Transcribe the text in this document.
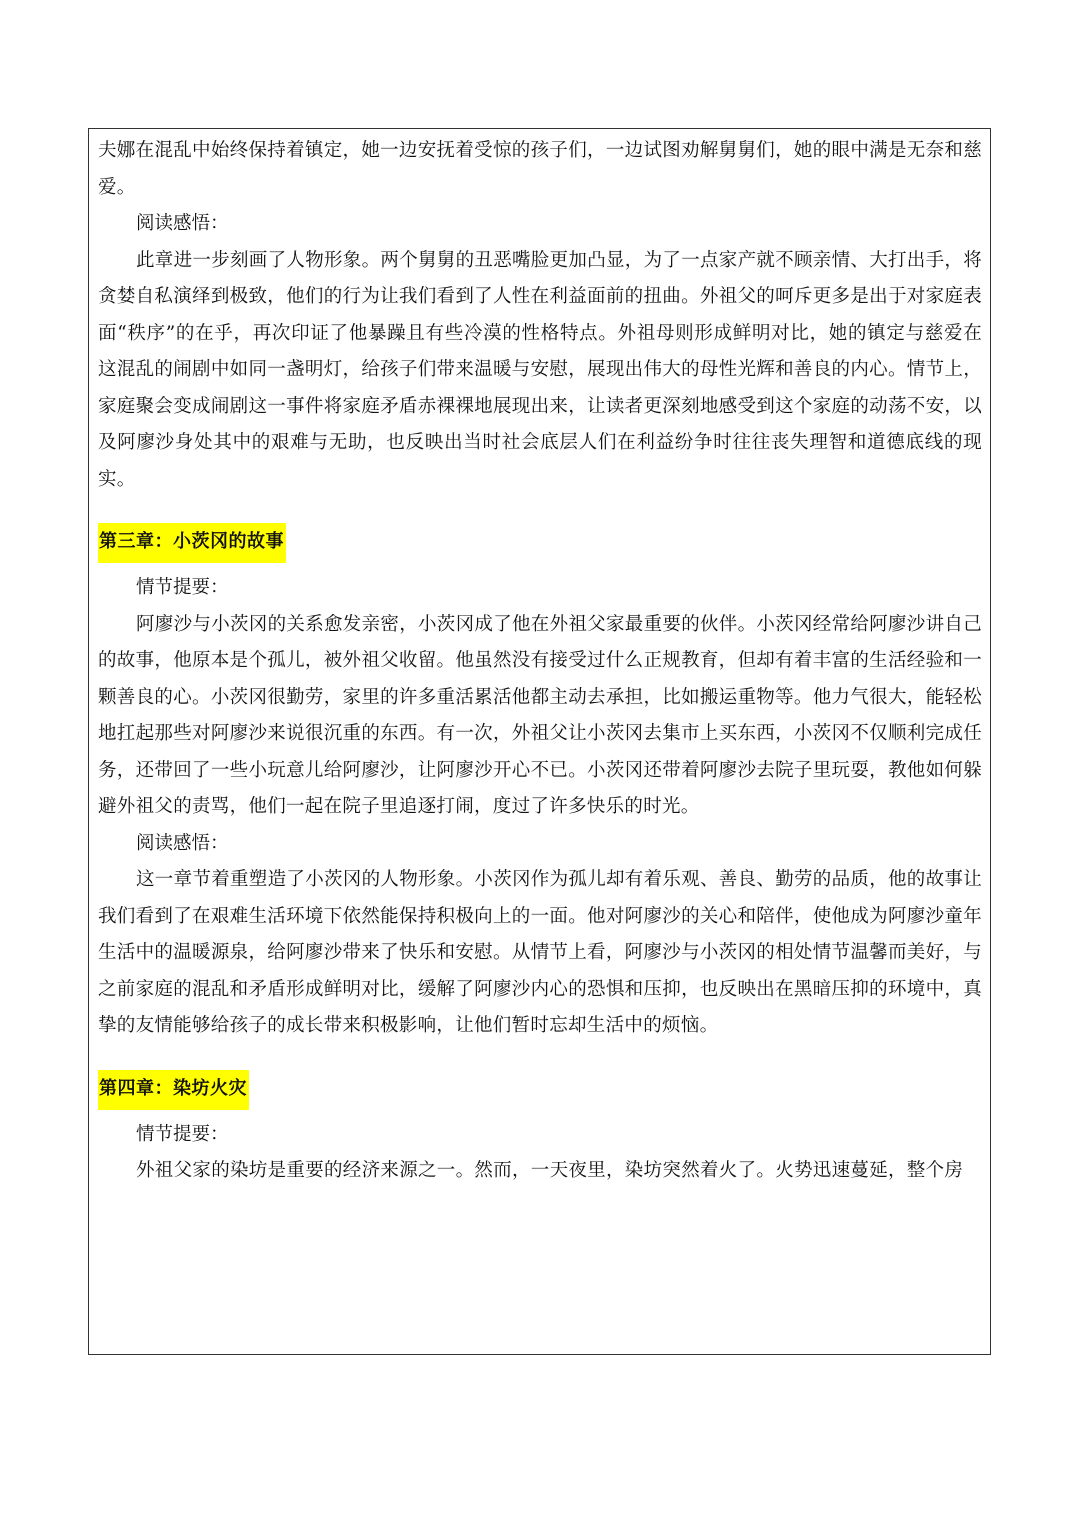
夫娜在混乱中始终保持着镇定，她一边安抚着受惊的孩子们，一边试图劝解舅舅们，她的眼中满是无奈和慈爱。

阅读感悟：

此章进一步刻画了人物形象。两个舅舅的丑恶嘴脸更加凸显，为了一点家产就不顾亲情、大打出手，将贪婪自私演绎到极致，他们的行为让我们看到了人性在利益面前的扭曲。外祖父的呵斥更多是出于对家庭表面“秩序”的在乎，再次印证了他暴躁且有些冷漠的性格特点。外祖母则形成鲜明对比，她的镇定与慈爱在这混乱的闹剧中如同一盏明灯，给孩子们带来温暖与安慰，展现出伟大的母性光辉和善良的内心。情节上，家庭聚会变成闹剧这一事件将家庭矛盾赤裸裸地展现出来，让读者更深刻地感受到这个家庭的动荡不安，以及阿廖沙身处其中的艰难与无助，也反映出当时社会底层人们在利益纷争时往往丧失理智和道德底线的现实。

第三章：小茨冈的故事

情节提要：

阿廖沙与小茨冈的关系愈发亲密，小茨冈成了他在外祖父家最重要的伙伴。小茨冈经常给阿廖沙讲自己的故事，他原本是个孤儿，被外祖父收留。他虽然没有接受过什么正规教育，但却有着丰富的生活经验和一颗善良的心。小茨冈很勤劳，家里的许多重活累活他都主动去承担，比如搬运重物等。他力气很大，能轻松地扛起那些对阿廖沙来说很沉重的东西。有一次，外祖父让小茨冈去集市上买东西，小茨冈不仅顺利完成任务，还带回了一些小玩意儿给阿廖沙，让阿廖沙开心不已。小茨冈还带着阿廖沙去院子里玩耍，教他如何躲避外祖父的责骂，他们一起在院子里追逐打闹，度过了许多快乐的时光。

阅读感悟：

这一章节着重塑造了小茨冈的人物形象。小茨冈作为孤儿却有着乐观、善良、勤劳的品质，他的故事让我们看到了在艰难生活环境下依然能保持积极向上的一面。他对阿廖沙的关心和陪伴，使他成为阿廖沙童年生活中的温暖源泉，给阿廖沙带来了快乐和安慰。从情节上看，阿廖沙与小茨冈的相处情节温馨而美好，与之前家庭的混乱和矛盾形成鲜明对比，缓解了阿廖沙内心的恐惧和压抑，也反映出在黑暗压抑的环境中，真挚的友情能够给孩子的成长带来积极影响，让他们暂时忘却生活中的烦恼。

第四章：染坊火灾

情节提要：

外祖父家的染坊是重要的经济来源之一。然而，一天夜里，染坊突然着火了。火势迅速蔓延，整个房
